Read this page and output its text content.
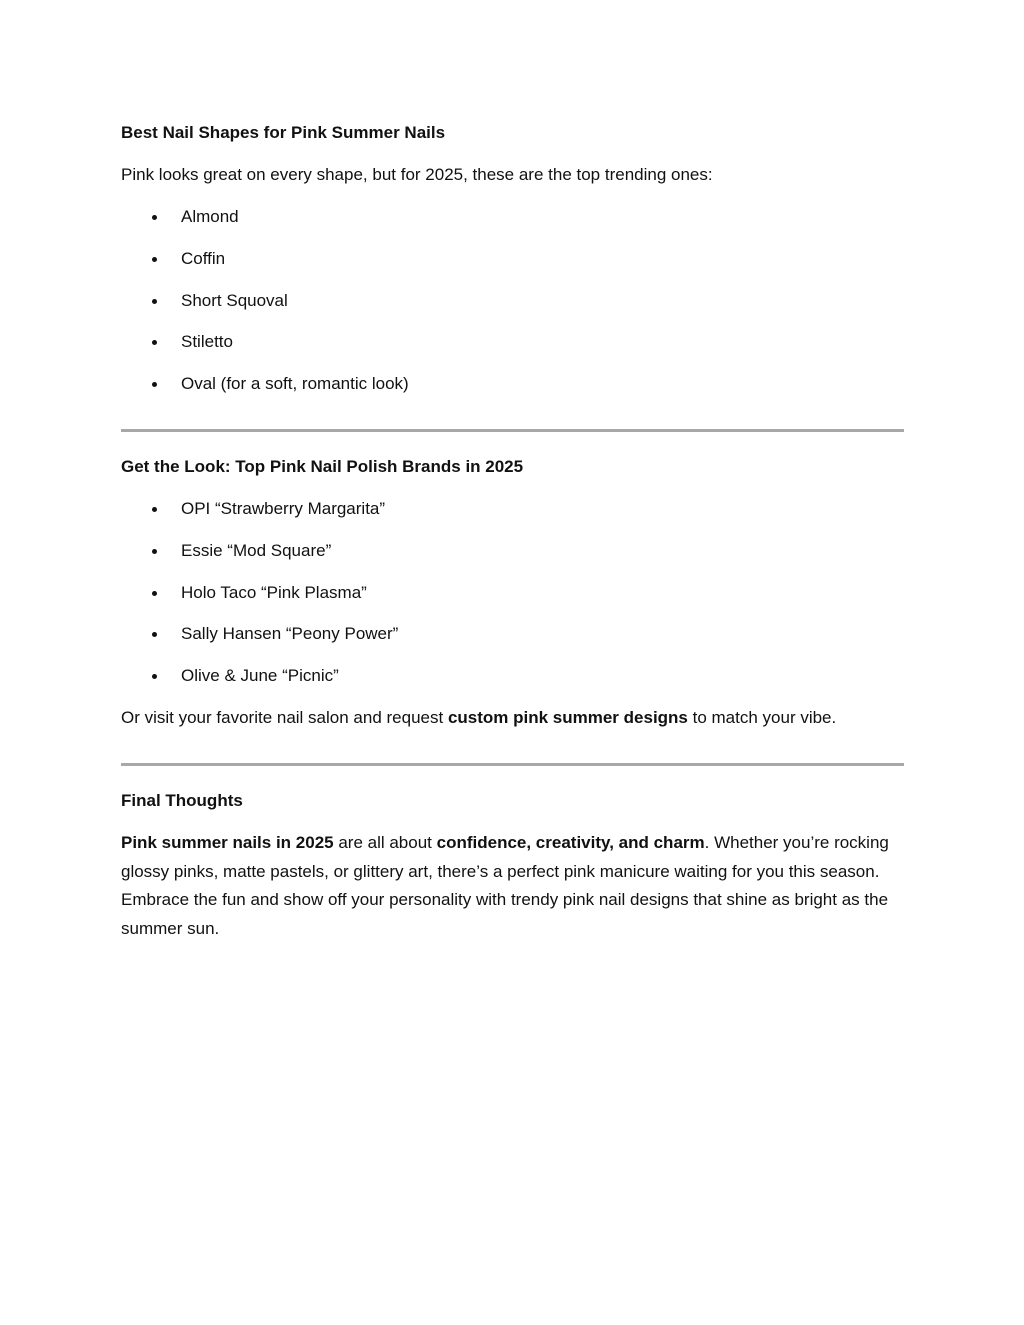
Best Nail Shapes for Pink Summer Nails
Pink looks great on every shape, but for 2025, these are the top trending ones:
Almond
Coffin
Short Squoval
Stiletto
Oval (for a soft, romantic look)
Get the Look: Top Pink Nail Polish Brands in 2025
OPI “Strawberry Margarita”
Essie “Mod Square”
Holo Taco “Pink Plasma”
Sally Hansen “Peony Power”
Olive & June “Picnic”
Or visit your favorite nail salon and request custom pink summer designs to match your vibe.
Final Thoughts
Pink summer nails in 2025 are all about confidence, creativity, and charm. Whether you’re rocking glossy pinks, matte pastels, or glittery art, there’s a perfect pink manicure waiting for you this season. Embrace the fun and show off your personality with trendy pink nail designs that shine as bright as the summer sun.
